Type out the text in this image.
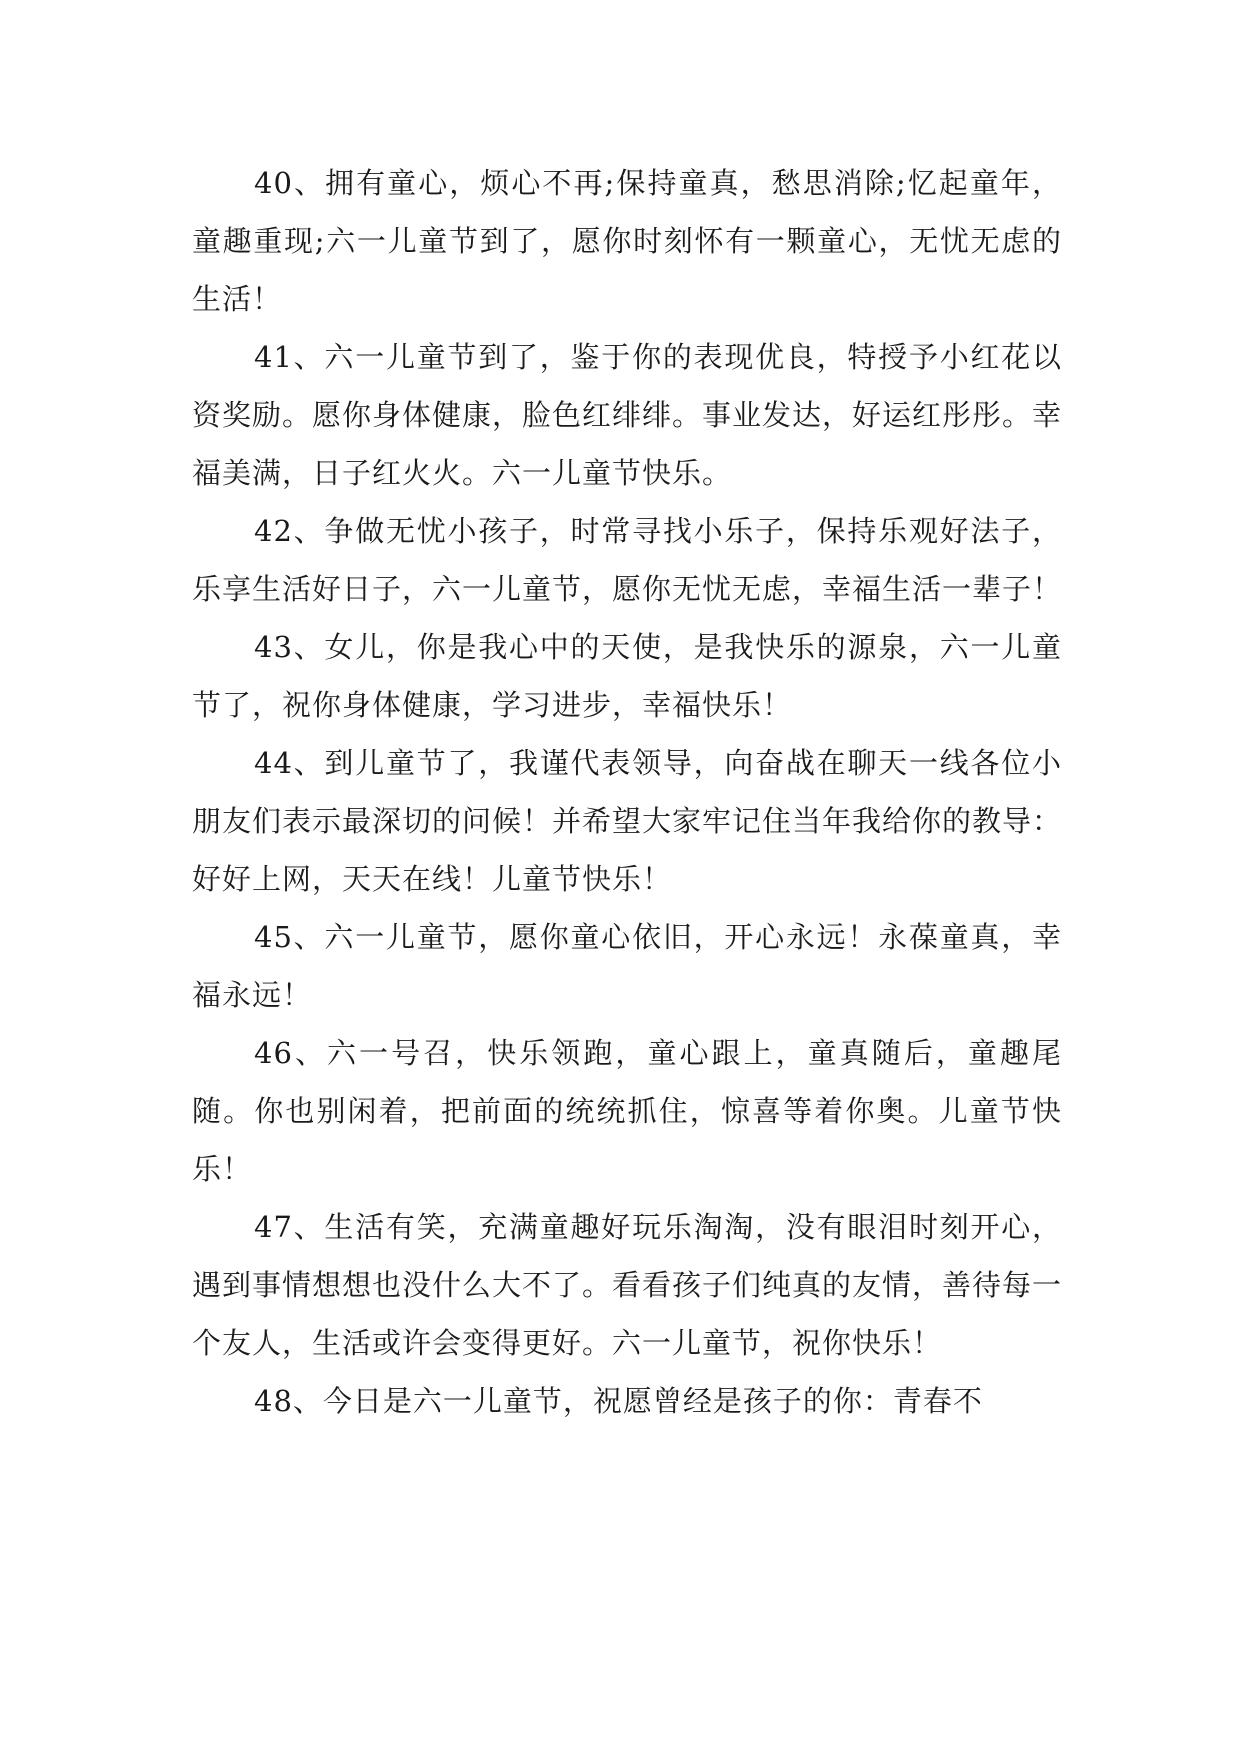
40、拥有童心，烦心不再;保持童真，愁思消除;忆起童年，童趣重现;六一儿童节到了，愿你时刻怀有一颗童心，无忧无虑的生活！

41、六一儿童节到了，鉴于你的表现优良，特授予小红花以资奖励。愿你身体健康，脸色红绯绯。事业发达，好运红彤彤。幸福美满，日子红火火。六一儿童节快乐。

42、争做无忧小孩子，时常寻找小乐子，保持乐观好法子，乐享生活好日子，六一儿童节，愿你无忧无虑，幸福生活一辈子！

43、女儿，你是我心中的天使，是我快乐的源泉，六一儿童节了，祝你身体健康，学习进步，幸福快乐！

44、到儿童节了，我谨代表领导，向奋战在聊天一线各位小朋友们表示最深切的问候！并希望大家牢记住当年我给你的教导：好好上网，天天在线！儿童节快乐！

45、六一儿童节，愿你童心依旧，开心永远！永葆童真，幸福永远！

46、六一号召，快乐领跑，童心跟上，童真随后，童趣尾随。你也别闲着，把前面的统统抓住，惊喜等着你奥。儿童节快乐！

47、生活有笑，充满童趣好玩乐淘淘，没有眼泪时刻开心，遇到事情想想也没什么大不了。看看孩子们纯真的友情，善待每一个友人，生活或许会变得更好。六一儿童节，祝你快乐！

48、今日是六一儿童节，祝愿曾经是孩子的你：青春不
